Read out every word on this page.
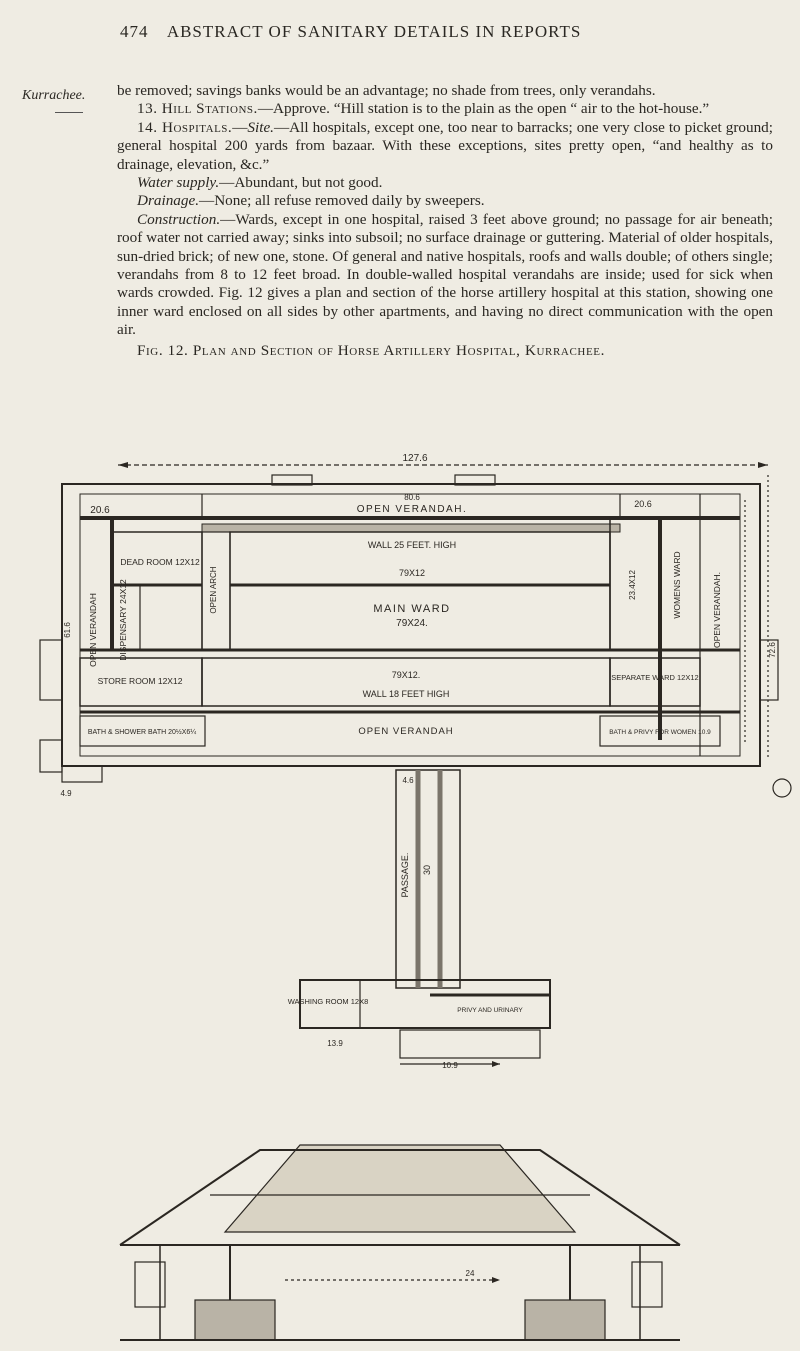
474 ABSTRACT OF SANITARY DETAILS IN REPORTS
Kurrachee. be removed; savings banks would be an advantage; no shade from trees, only verandahs.

13. Hill Stations.—Approve. “Hill station is to the plain as the open “ air to the hot-house.”

14. Hospitals.—Site.—All hospitals, except one, too near to barracks; one very close to picket ground; general hospital 200 yards from bazaar. With these exceptions, sites pretty open, “and healthy as to drainage, elevation, &c.”

Water supply.—Abundant, but not good.

Drainage.—None; all refuse removed daily by sweepers.

Construction.—Wards, except in one hospital, raised 3 feet above ground; no passage for air beneath; roof water not carried away; sinks into subsoil; no surface drainage or guttering. Material of older hospitals, sun-dried brick; of new one, stone. Of general and native hospitals, roofs and walls double; of others single; verandahs from 8 to 12 feet broad. In double-walled hospital verandahs are inside; used for sick when wards crowded. Fig. 12 gives a plan and section of the horse artillery hospital at this station, showing one inner ward enclosed on all sides by other apartments, and having no direct communication with the open air.

Fig. 12. Plan and Section of Horse Artillery Hospital, Kurrachee.

127.6
20.6
80.6
OPEN VERANDAH.	20.6
WALL 25 FEET. HIGH
79X12
DEAD ROOM 12X12
MAIN WARD
79X24.
DISPENSARY 24X12	OPEN ARCH
OPEN VERANDAH
61.6
23.4X12	WOMENS WARD	OPEN VERANDAH.
STORE ROOM 12X12
79X12.
WALL 18 FEET HIGH
SEPARATE WARD 12X12
BATH & SHOWER BATH 20½X6¼	OPEN VERANDAH	BATH & PRIVY FOR WOMEN 10.9
4.9
PASSAGE. 30
4.6
WASHING ROOM 12X8
PRIVY AND URINARY
13.9
10.9
24
72.6
